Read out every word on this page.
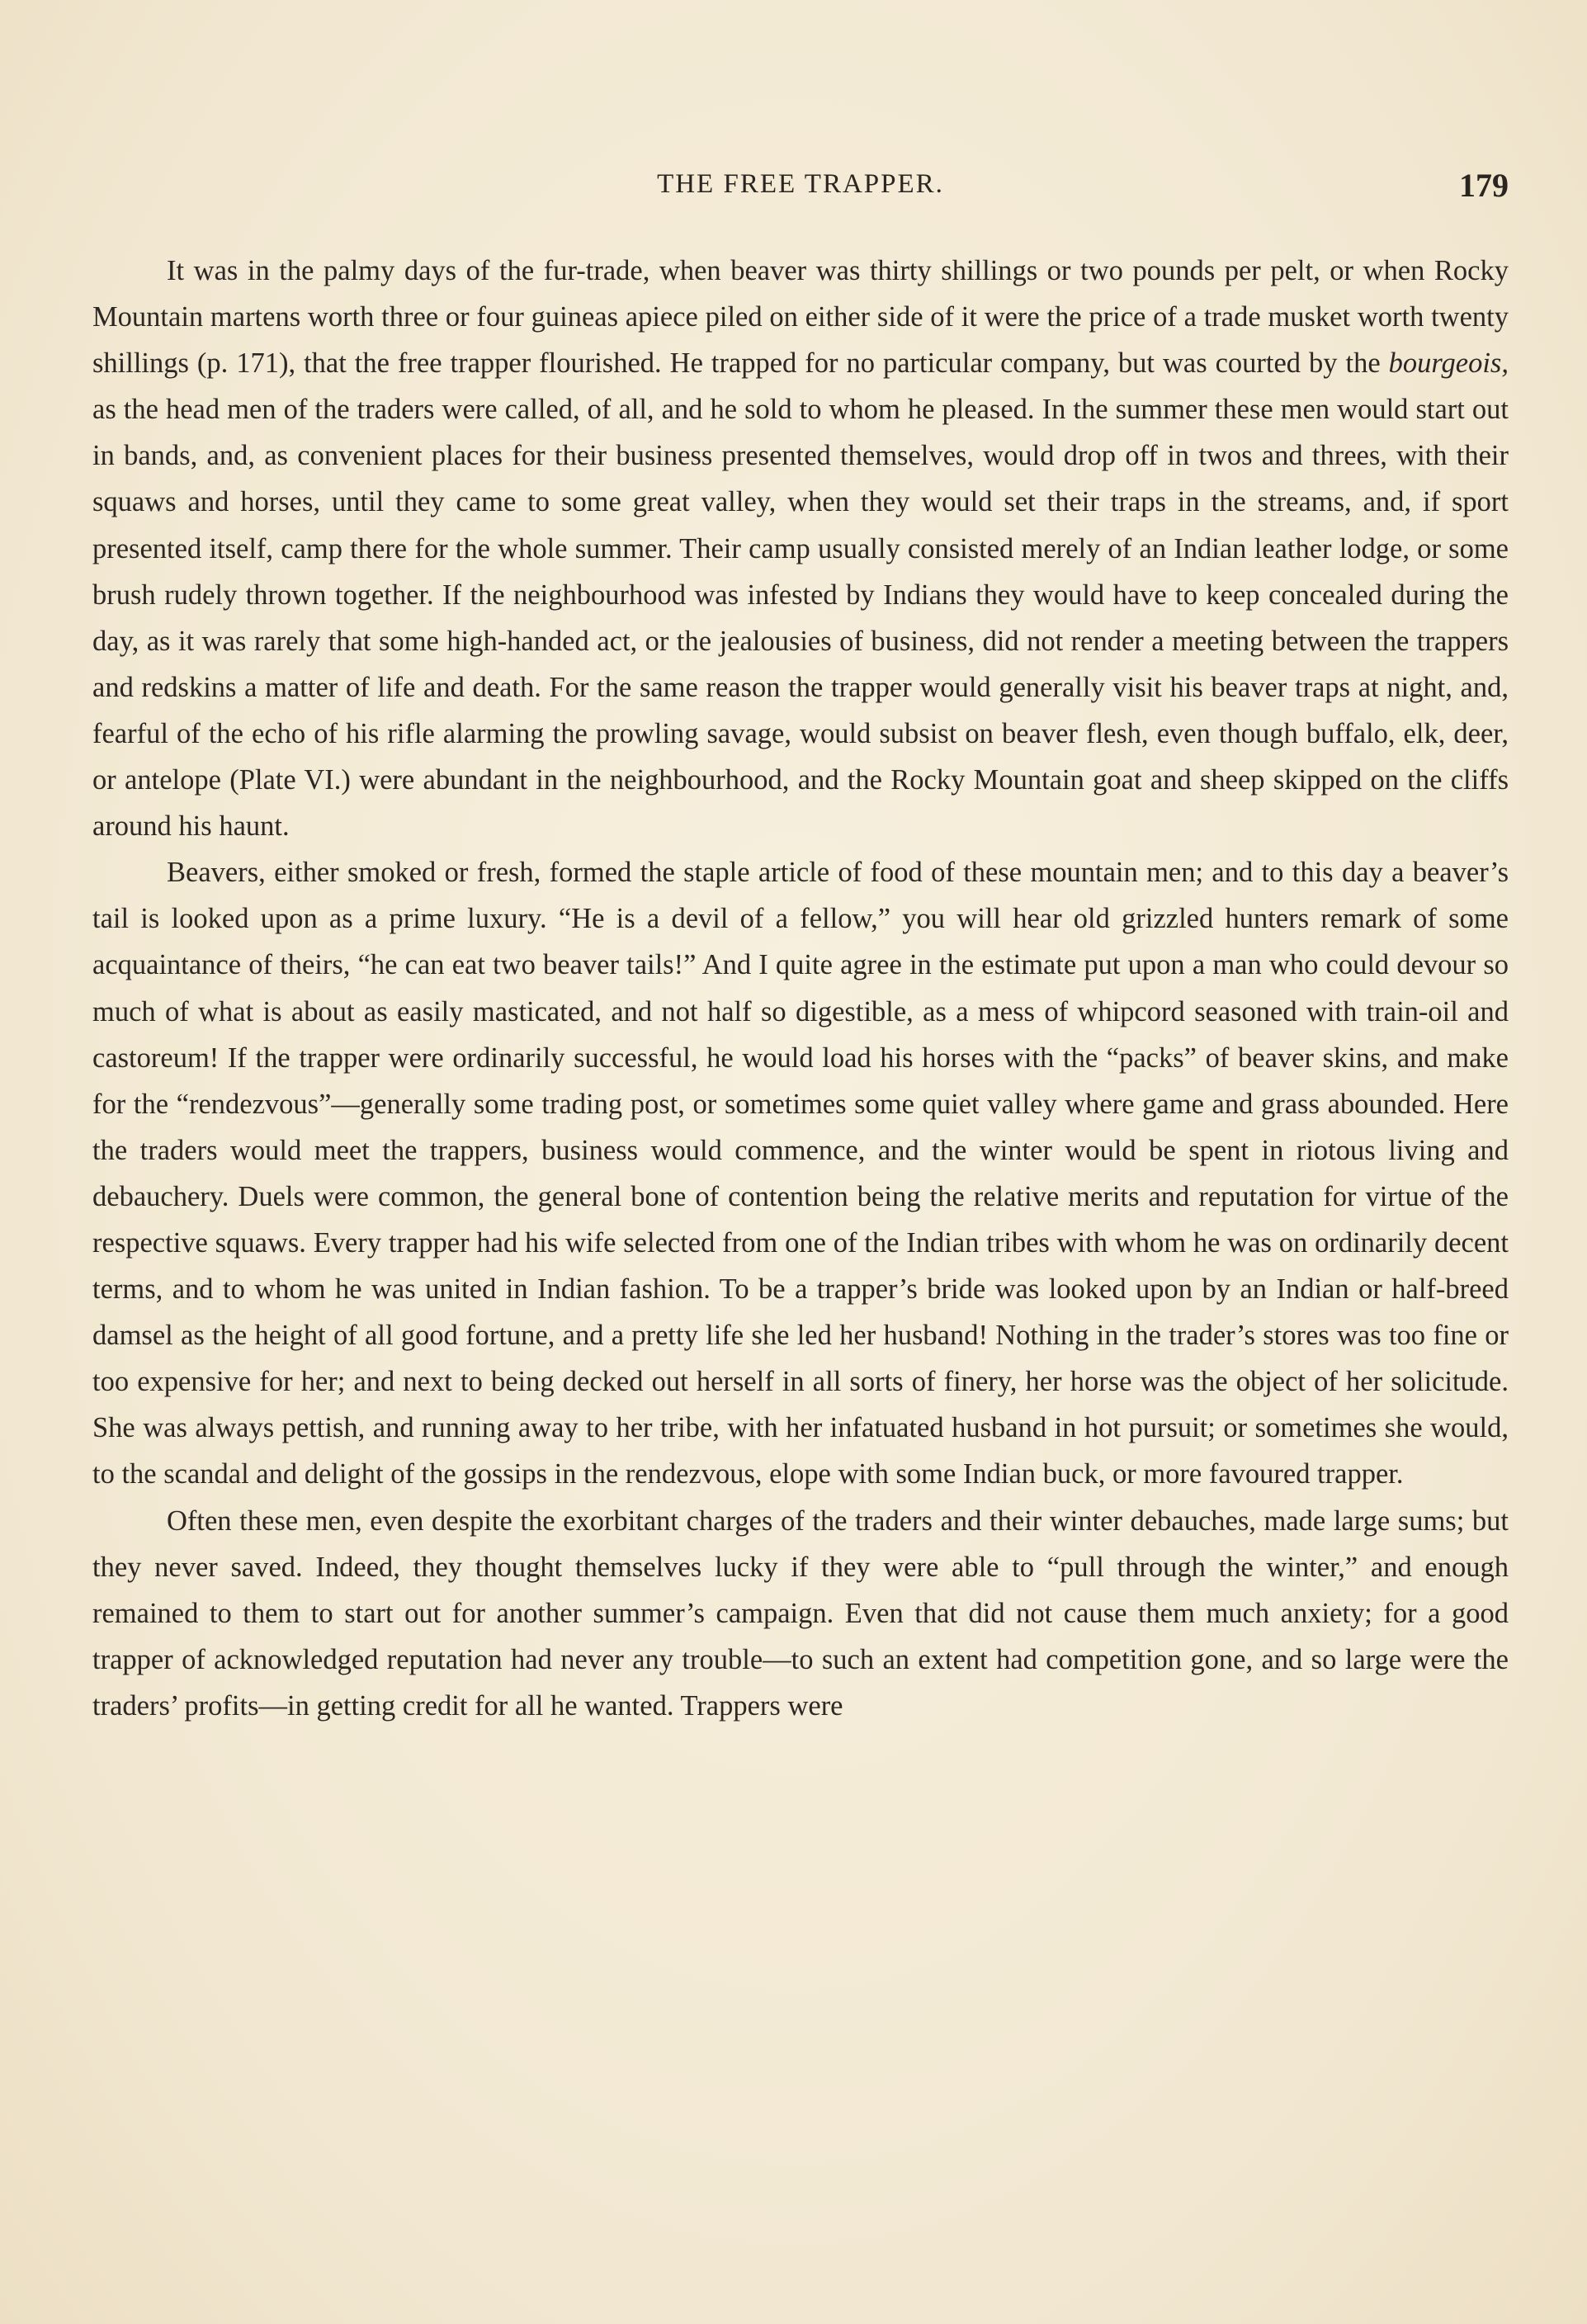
THE FREE TRAPPER.	179

It was in the palmy days of the fur-trade, when beaver was thirty shillings or two pounds per pelt, or when Rocky Mountain martens worth three or four guineas apiece piled on either side of it were the price of a trade musket worth twenty shillings (p. 171), that the free trapper flourished. He trapped for no particular company, but was courted by the bourgeois, as the head men of the traders were called, of all, and he sold to whom he pleased. In the summer these men would start out in bands, and, as convenient places for their business presented themselves, would drop off in twos and threes, with their squaws and horses, until they came to some great valley, when they would set their traps in the streams, and, if sport presented itself, camp there for the whole summer. Their camp usually consisted merely of an Indian leather lodge, or some brush rudely thrown together. If the neighbourhood was infested by Indians they would have to keep concealed during the day, as it was rarely that some high-handed act, or the jealousies of business, did not render a meeting between the trappers and redskins a matter of life and death. For the same reason the trapper would generally visit his beaver traps at night, and, fearful of the echo of his rifle alarming the prowling savage, would subsist on beaver flesh, even though buffalo, elk, deer, or antelope (Plate VI.) were abundant in the neighbourhood, and the Rocky Mountain goat and sheep skipped on the cliffs around his haunt.

Beavers, either smoked or fresh, formed the staple article of food of these mountain men; and to this day a beaver’s tail is looked upon as a prime luxury. “He is a devil of a fellow,” you will hear old grizzled hunters remark of some acquaintance of theirs, “he can eat two beaver tails!” And I quite agree in the estimate put upon a man who could devour so much of what is about as easily masticated, and not half so digestible, as a mess of whipcord seasoned with train-oil and castoreum! If the trapper were ordinarily successful, he would load his horses with the “packs” of beaver skins, and make for the “rendezvous”—generally some trading post, or sometimes some quiet valley where game and grass abounded. Here the traders would meet the trappers, business would commence, and the winter would be spent in riotous living and debauchery. Duels were common, the general bone of contention being the relative merits and reputation for virtue of the respective squaws. Every trapper had his wife selected from one of the Indian tribes with whom he was on ordinarily decent terms, and to whom he was united in Indian fashion. To be a trapper’s bride was looked upon by an Indian or half-breed damsel as the height of all good fortune, and a pretty life she led her husband! Nothing in the trader’s stores was too fine or too expensive for her; and next to being decked out herself in all sorts of finery, her horse was the object of her solicitude. She was always pettish, and running away to her tribe, with her infatuated husband in hot pursuit; or sometimes she would, to the scandal and delight of the gossips in the rendezvous, elope with some Indian buck, or more favoured trapper.

Often these men, even despite the exorbitant charges of the traders and their winter debauches, made large sums; but they never saved. Indeed, they thought themselves lucky if they were able to “pull through the winter,” and enough remained to them to start out for another summer’s campaign. Even that did not cause them much anxiety; for a good trapper of acknowledged reputation had never any trouble—to such an extent had competition gone, and so large were the traders’ profits—in getting credit for all he wanted. Trappers were
